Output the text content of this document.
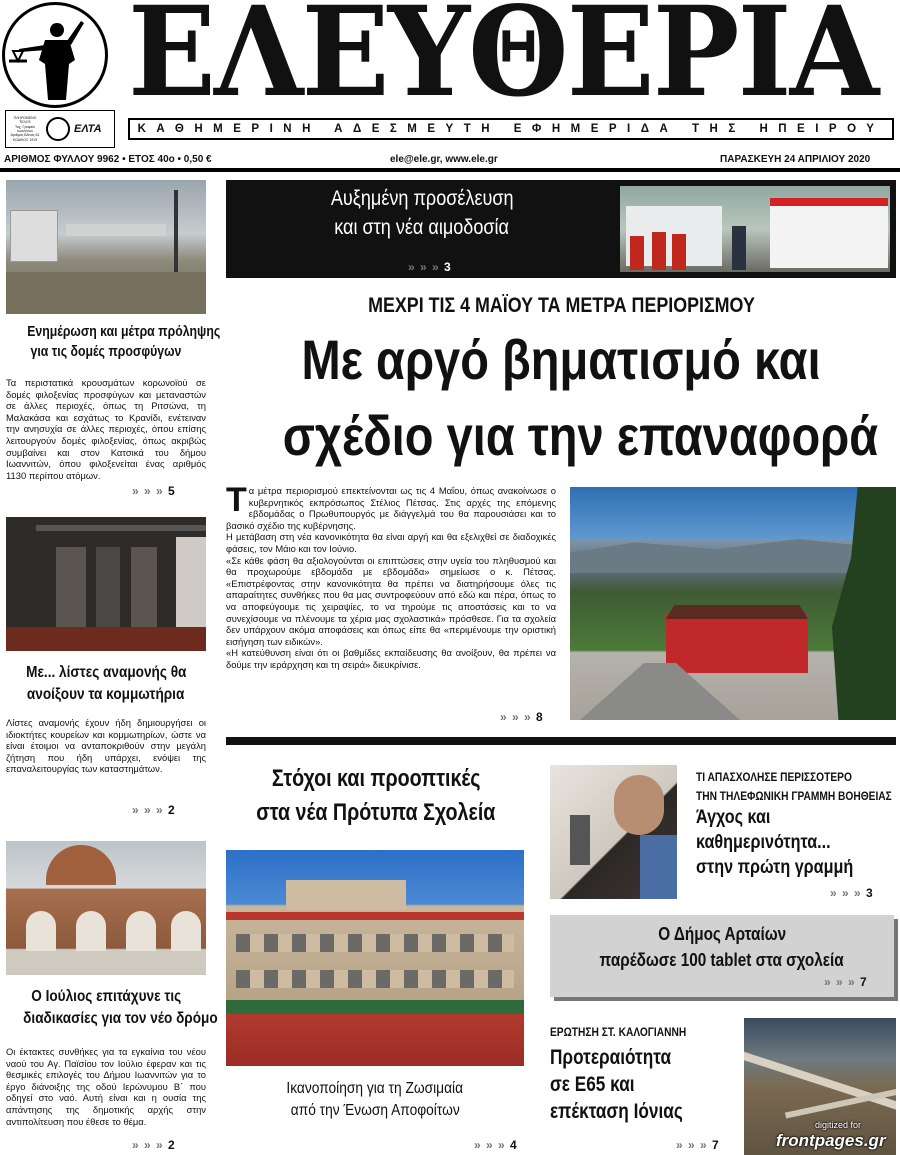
ΕΛΕΥΘΕΡΙΑ
ΠΛΗΡΩΜΕΝΟ
ΤΕΛΟΣ
Ταχ. Γραφείο
Ιωαννίνων
Αριθμός Άδειας 61
ΚΩΔΙΚΟΣ 1919
ΕΛΤΑ	ΚΑΘΗΜΕΡΙΝΗ ΑΔΕΣΜΕΥΤΗ ΕΦΗΜΕΡΙΔΑ ΤΗΣ ΗΠΕΙΡΟΥ
ΑΡΙΘΜΟΣ ΦΥΛΛΟΥ 9962 • ΕΤΟΣ 40ο • 0,50 €	ele@ele.gr, www.ele.gr	ΠΑΡΑΣΚΕΥΗ 24 ΑΠΡΙΛΙΟΥ 2020
Ενημέρωση και μέτρα πρόληψης
για τις δομές προσφύγων
Τα περιστατικά κρουσμάτων κορωνοϊού σε δομές φιλοξενίας προσφύγων και μεταναστών σε άλλες περιοχές, όπως τη Ριτσώνα, τη Μαλακάσα και εσχάτως το Κρανίδι, ενέτειναν την ανησυχία σε άλλες περιοχές, όπου επίσης λειτουργούν δομές φιλοξενίας, όπως ακριβώς συμβαίνει και στον Κατσικά του δήμου Ιωαννιτών, όπου φιλοξενείται ένας αριθμός 1130 περίπου ατόμων.
» » » 5
Με... λίστες αναμονής θα
ανοίξουν τα κομμωτήρια
Λίστες αναμονής έχουν ήδη δημιουργήσει οι ιδιοκτήτες κουρείων και κομμωτηρίων, ώστε να είναι έτοιμοι να ανταποκριθούν στην μεγάλη ζήτηση που ήδη υπάρχει, ενόψει της επαναλειτουργίας των καταστημάτων.
» » » 2
Ο Ιούλιος επιτάχυνε τις
διαδικασίες για τον νέο δρόμο
Οι έκτακτες συνθήκες για τα εγκαίνια του νέου ναού του Αγ. Παϊσίου τον Ιούλιο έφεραν και τις θεσμικές επιλογές του Δήμου Ιωαννιτών για το έργο διάνοιξης της οδού Ιερώνυμου Β΄ που οδηγεί στο ναό. Αυτή είναι και η ουσία της απάντησης της δημοτικής αρχής στην αντιπολίτευση που έθεσε το θέμα.
» » » 2
Αυξημένη προσέλευση
και στη νέα αιμοδοσία
» » » 3
ΜΕΧΡΙ ΤΙΣ 4 ΜΑΪΟΥ ΤΑ ΜΕΤΡΑ ΠΕΡΙΟΡΙΣΜΟΥ
Με αργό βηματισμό και
σχέδιο για την επαναφορά
Τ α μέτρα περιορισμού επεκτείνονται ως τις 4 Μαΐου, όπως ανακοίνωσε ο κυβερνητικός εκπρόσωπος Στέλιος Πέτσας. Στις αρχές της επόμενης εβδομάδας ο Πρωθυπουργός με διάγγελμά του θα παρουσιάσει και το βασικό σχέδιο της κυβέρνησης.

Η μετάβαση στη νέα κανονικότητα θα είναι αργή και θα εξελιχθεί σε διαδοχικές φάσεις, τον Μάιο και τον Ιούνιο.

«Σε κάθε φάση θα αξιολογούνται οι επιπτώσεις στην υγεία του πληθυσμού και θα προχωρούμε εβδομάδα με εβδομάδα» σημείωσε ο κ. Πέτσας. «Επιστρέφοντας στην κανονικότητα θα πρέπει να διατηρήσουμε όλες τις απαραίτητες συνθήκες που θα μας συντροφεύουν από εδώ και πέρα, όπως το να αποφεύγουμε τις χειραψίες, το να τηρούμε τις αποστάσεις και το να συνεχίσουμε να πλένουμε τα χέρια μας σχολαστικά» πρόσθεσε. Για τα σχολεία δεν υπάρχουν ακόμα αποφάσεις και όπως είπε θα «περιμένουμε την οριστική εισήγηση των ειδικών».

«Η κατεύθυνση είναι ότι οι βαθμίδες εκπαίδευσης θα ανοίξουν, θα πρέπει να δούμε την ιεράρχηση και τη σειρά» διευκρίνισε.

» » » 8
Στόχοι και προοπτικές
στα νέα Πρότυπα Σχολεία
Ικανοποίηση για τη Ζωσιμαία
από την Ένωση Αποφοίτων
» » » 4
ΤΙ ΑΠΑΣΧΟΛΗΣΕ ΠΕΡΙΣΣΟΤΕΡΟ
ΤΗΝ ΤΗΛΕΦΩΝΙΚΗ ΓΡΑΜΜΗ ΒΟΗΘΕΙΑΣ
Άγχος και
καθημερινότητα...
στην πρώτη γραμμή
» » » 3
Ο Δήμος Αρταίων
παρέδωσε 100 tablet στα σχολεία
» » » 7
ΕΡΩΤΗΣΗ ΣΤ. ΚΑΛΟΓΙΑΝΝΗ
Προτεραιότητα
σε Ε65 και
επέκταση Ιόνιας
» » » 7
digitized for
frontpages.gr
